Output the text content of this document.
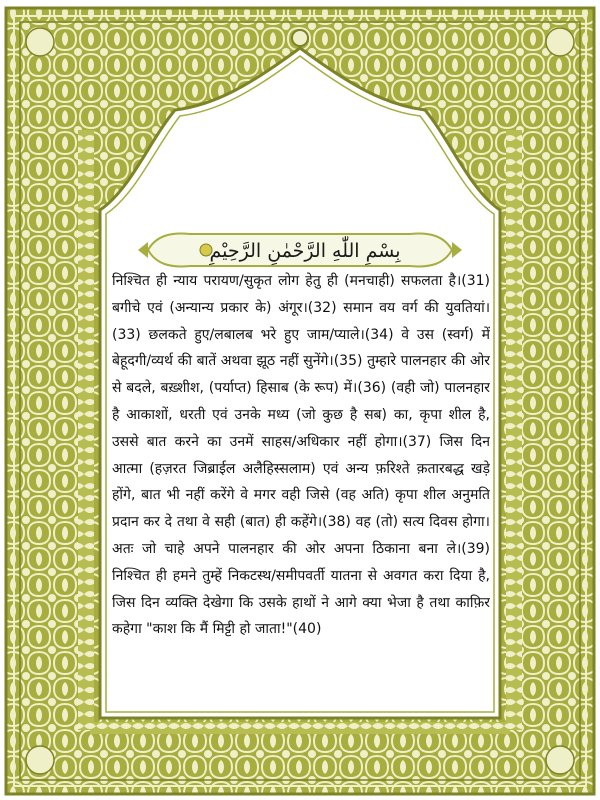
بِسْمِ اللّٰهِ الرَّحْمٰنِ الرَّحِيْمِ
निश्चित ही न्याय परायण/सुकृत लोग हेतु ही (मनचाही) सफलता है।(31) बगीचे एवं (अन्यान्य प्रकार के) अंगूर।(32) समान वय वर्ग की युवतियां।(33) छलकते हुए/लबालब भरे हुए जाम/प्याले।(34) वे उस (स्वर्ग) में बेहूदगी/व्यर्थ की बातें अथवा झूठ नहीं सुनेंगे।(35) तुम्हारे पालनहार की ओर से बदले, बख़्शीश, (पर्याप्त) हिसाब (के रूप) में।(36) (वही जो) पालनहार है आकाशों, धरती एवं उनके मध्य (जो कुछ है सब) का, कृपा शील है, उससे बात करने का उनमें साहस/अधिकार नहीं होगा।(37) जिस दिन आत्मा (हज़रत जिब्राईल अलैहिस्सलाम) एवं अन्य फ़रिश्ते क़तारबद्ध खड़े होंगे, बात भी नहीं करेंगे वे मगर वही जिसे (वह अति) कृपा शील अनुमति प्रदान कर दे तथा वे सही (बात) ही कहेंगे।(38) वह (तो) सत्य दिवस होगा। अतः जो चाहे अपने पालनहार की ओर अपना ठिकाना बना ले।(39) निश्चित ही हमने तुम्हें निकटस्थ/समीपवर्ती यातना से अवगत करा दिया है, जिस दिन व्यक्ति देखेगा कि उसके हाथों ने आगे क्या भेजा है तथा काफ़िर कहेगा "काश कि मैं मिट्टी हो जाता!"(40)
